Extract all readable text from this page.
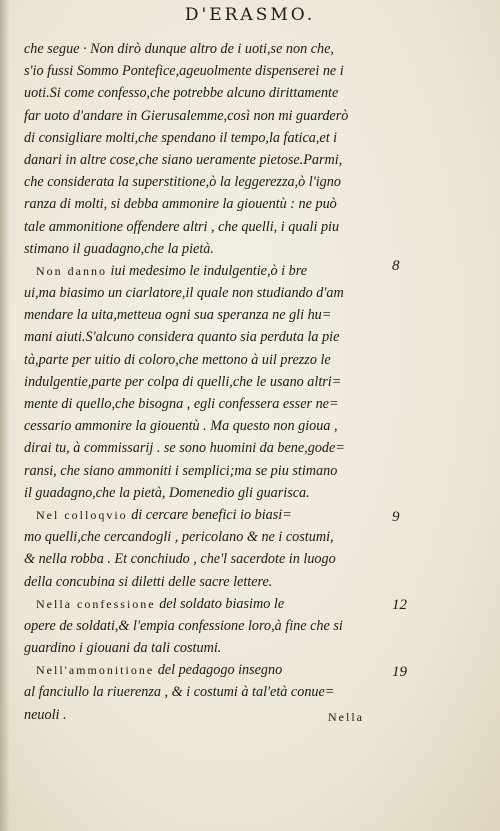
D'ERASMO.
che segue · Non dirò dunque altro de i uoti,se non che,
s'io fussi Sommo Pontefice,ageuolmente dispenserei ne i
uoti.Si come confesso,che potrebbe alcuno dirittamente
far uoto d'andare in Gierusalemme,così non mi guarderò
di consigliare molti,che spendano il tempo,la fatica,et i
danari in altre cose,che siano ueramente pietose.Parmi,
che considerata la superstitione,ò la leggerezza,ò l'igno
ranza di molti, si debba ammonire la giouentù : ne può
tale ammonitione offendere altri , che quelli, i quali piu
stimano il guadagno,che la pietà.
Non danno iui medesimo le indulgentie,ò i bre
ui,ma biasimo un ciarlatore,il quale non studiando d'am
mendare la uita,metteua ogni sua speranza ne gli hu=
mani aiuti.S'alcuno considera quanto sia perduta la pie
tà,parte per uitio di coloro,che mettono à uil prezzo le
indulgentie,parte per colpa di quelli,che le usano altri=
mente di quello,che bisogna , egli confessera esser ne=
cessario ammonire la giouentù . Ma questo non gioua ,
dirai tu, à commissarij . se sono huomini da bene,gode=
ransi, che siano ammoniti i semplici;ma se piu stimano
il guadagno,che la pietà, Domenedio gli guarisca.
Nel colloqvio di cercare benefici io biasi=
mo quelli,che cercandogli , pericolano & ne i costumi,
& nella robba . Et conchiudo , che'l sacerdote in luogo
della concubina si diletti delle sacre lettere.
Nella confessione del soldato biasimo le
opere de soldati,& l'empia confessione loro,à fine che si
guardino i giouani da tali costumi.
Nell'ammonitione del pedagogo insegno
al fanciullo la riuerenza , & i costumi à tal'età conue=
neuoli .
8
9
12
19
Nella
